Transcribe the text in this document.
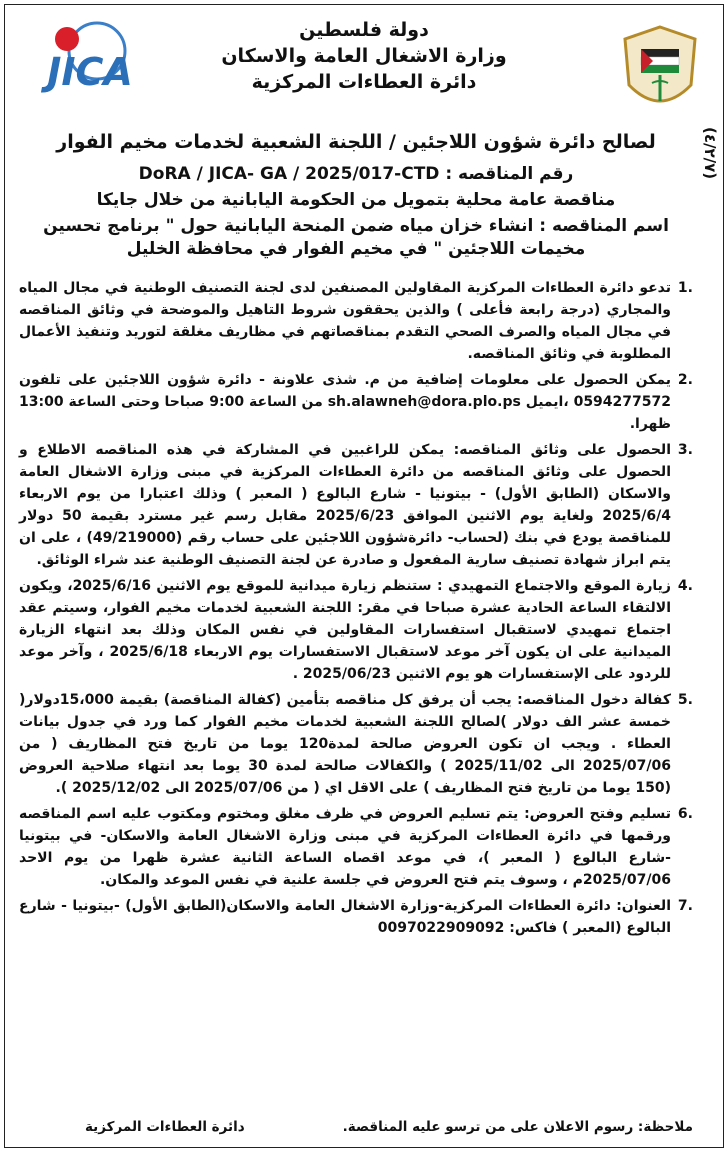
JICA
(٤/٢/٧)
دولة فلسطين
وزارة الاشغال العامة والاسكان
دائرة العطاءات المركزية
لصالح دائرة شؤون اللاجئين / اللجنة الشعبية لخدمات مخيم الفوار
رقم المناقصه : DoRA / JICA- GA / 2025/017-CTD
مناقصة عامة محلية بتمويل من الحكومة اليابانية من خلال جايكا
اسم المناقصه : انشاء خزان مياه ضمن المنحة اليابانية حول " برنامج تحسين مخيمات اللاجئين " في مخيم الفوار في محافظة الخليل
.1
تدعو دائرة العطاءات المركزية المقاولين المصنفين لدى لجنة التصنيف الوطنية في مجال المياه والمجاري (درجة رابعة فأعلى ) والذين يحققون شروط التاهيل والموضحة في وثائق المناقصه في مجال المياه والصرف الصحي التقدم بمناقصاتهم في مظاريف مغلقة لتوريد وتنفيذ الأعمال المطلوبة في وثائق المناقصه.
.2
يمكن الحصول على معلومات إضافية من م. شذى علاونة - دائرة شؤون اللاجئين على تلفون 0594277572 ،ايميل sh.alawneh@dora.plo.ps من الساعة 9:00 صباحا وحتى الساعة 13:00 ظهرا.
.3
الحصول على وثائق المناقصه: يمكن للراغبين في المشاركة في هذه المناقصه الاطلاع و الحصول على وثائق المناقصه من دائرة العطاءات المركزية في مبنى وزارة الاشغال العامة والاسكان (الطابق الأول) - بيتونيا - شارع البالوع ( المعبر ) وذلك اعتبارا من يوم الاربعاء 2025/6/4 ولغاية يوم الاثنين الموافق 2025/6/23 مقابل رسم غير مسترد بقيمة 50 دولار للمناقصة يودع في بنك (لحساب- دائرةشؤون اللاجئين على حساب رقم (49/219000) ، على ان يتم ابراز شهادة تصنيف سارية المفعول و صادرة عن لجنة التصنيف الوطنية عند شراء الوثائق.
.4
زيارة الموقع والاجتماع التمهيدي : ستنظم زيارة ميدانية للموقع يوم الاثنين 2025/6/16، ويكون الالتقاء الساعة الحادية عشرة صباحا في مقر: اللجنة الشعبية لخدمات مخيم الفوار، وسيتم عقد اجتماع تمهيدي لاستقبال استفسارات المقاولين في نفس المكان وذلك بعد انتهاء الزيارة الميدانية على ان يكون آخر موعد لاستقبال الاستفسارات يوم الاربعاء 2025/6/18 ، وآخر موعد للردود على الإستفسارات هو يوم الاثنين 2025/06/23 .
.5
كفالة دخول المناقصه: يجب أن يرفق كل مناقصه بتأمين (كفالة المناقصة) بقيمة 15،000دولار( خمسة عشر الف دولار )لصالح اللجنة الشعبية لخدمات مخيم الفوار كما ورد في جدول بيانات العطاء . ويجب ان تكون العروض صالحة لمدة120 يوما من تاريخ فتح المظاريف ( من 2025/07/06 الى 2025/11/02 ) والكفالات صالحة لمدة 30 يوما بعد انتهاء صلاحية العروض (150 يوما من تاريخ فتح المظاريف ) على الاقل اي ( من 2025/07/06 الى 2025/12/02 ).
.6
تسليم وفتح العروض: يتم تسليم العروض في ظرف مغلق ومختوم ومكتوب عليه اسم المناقصه ورقمها في دائرة العطاءات المركزية في مبنى وزارة الاشغال العامة والاسكان- في بيتونيا -شارع البالوع ( المعبر )، في موعد اقصاه الساعة الثانية عشرة ظهرا من يوم الاحد 2025/07/06م ، وسوف يتم فتح العروض في جلسة علنية في نفس الموعد والمكان.
.7
العنوان: دائرة العطاءات المركزية-وزارة الاشغال العامة والاسكان(الطابق الأول) -بيتونيا - شارع البالوع (المعبر ) فاكس: 0097022909092
ملاحظة: رسوم الاعلان على من ترسو عليه المناقصة.
دائرة العطاءات المركزية
